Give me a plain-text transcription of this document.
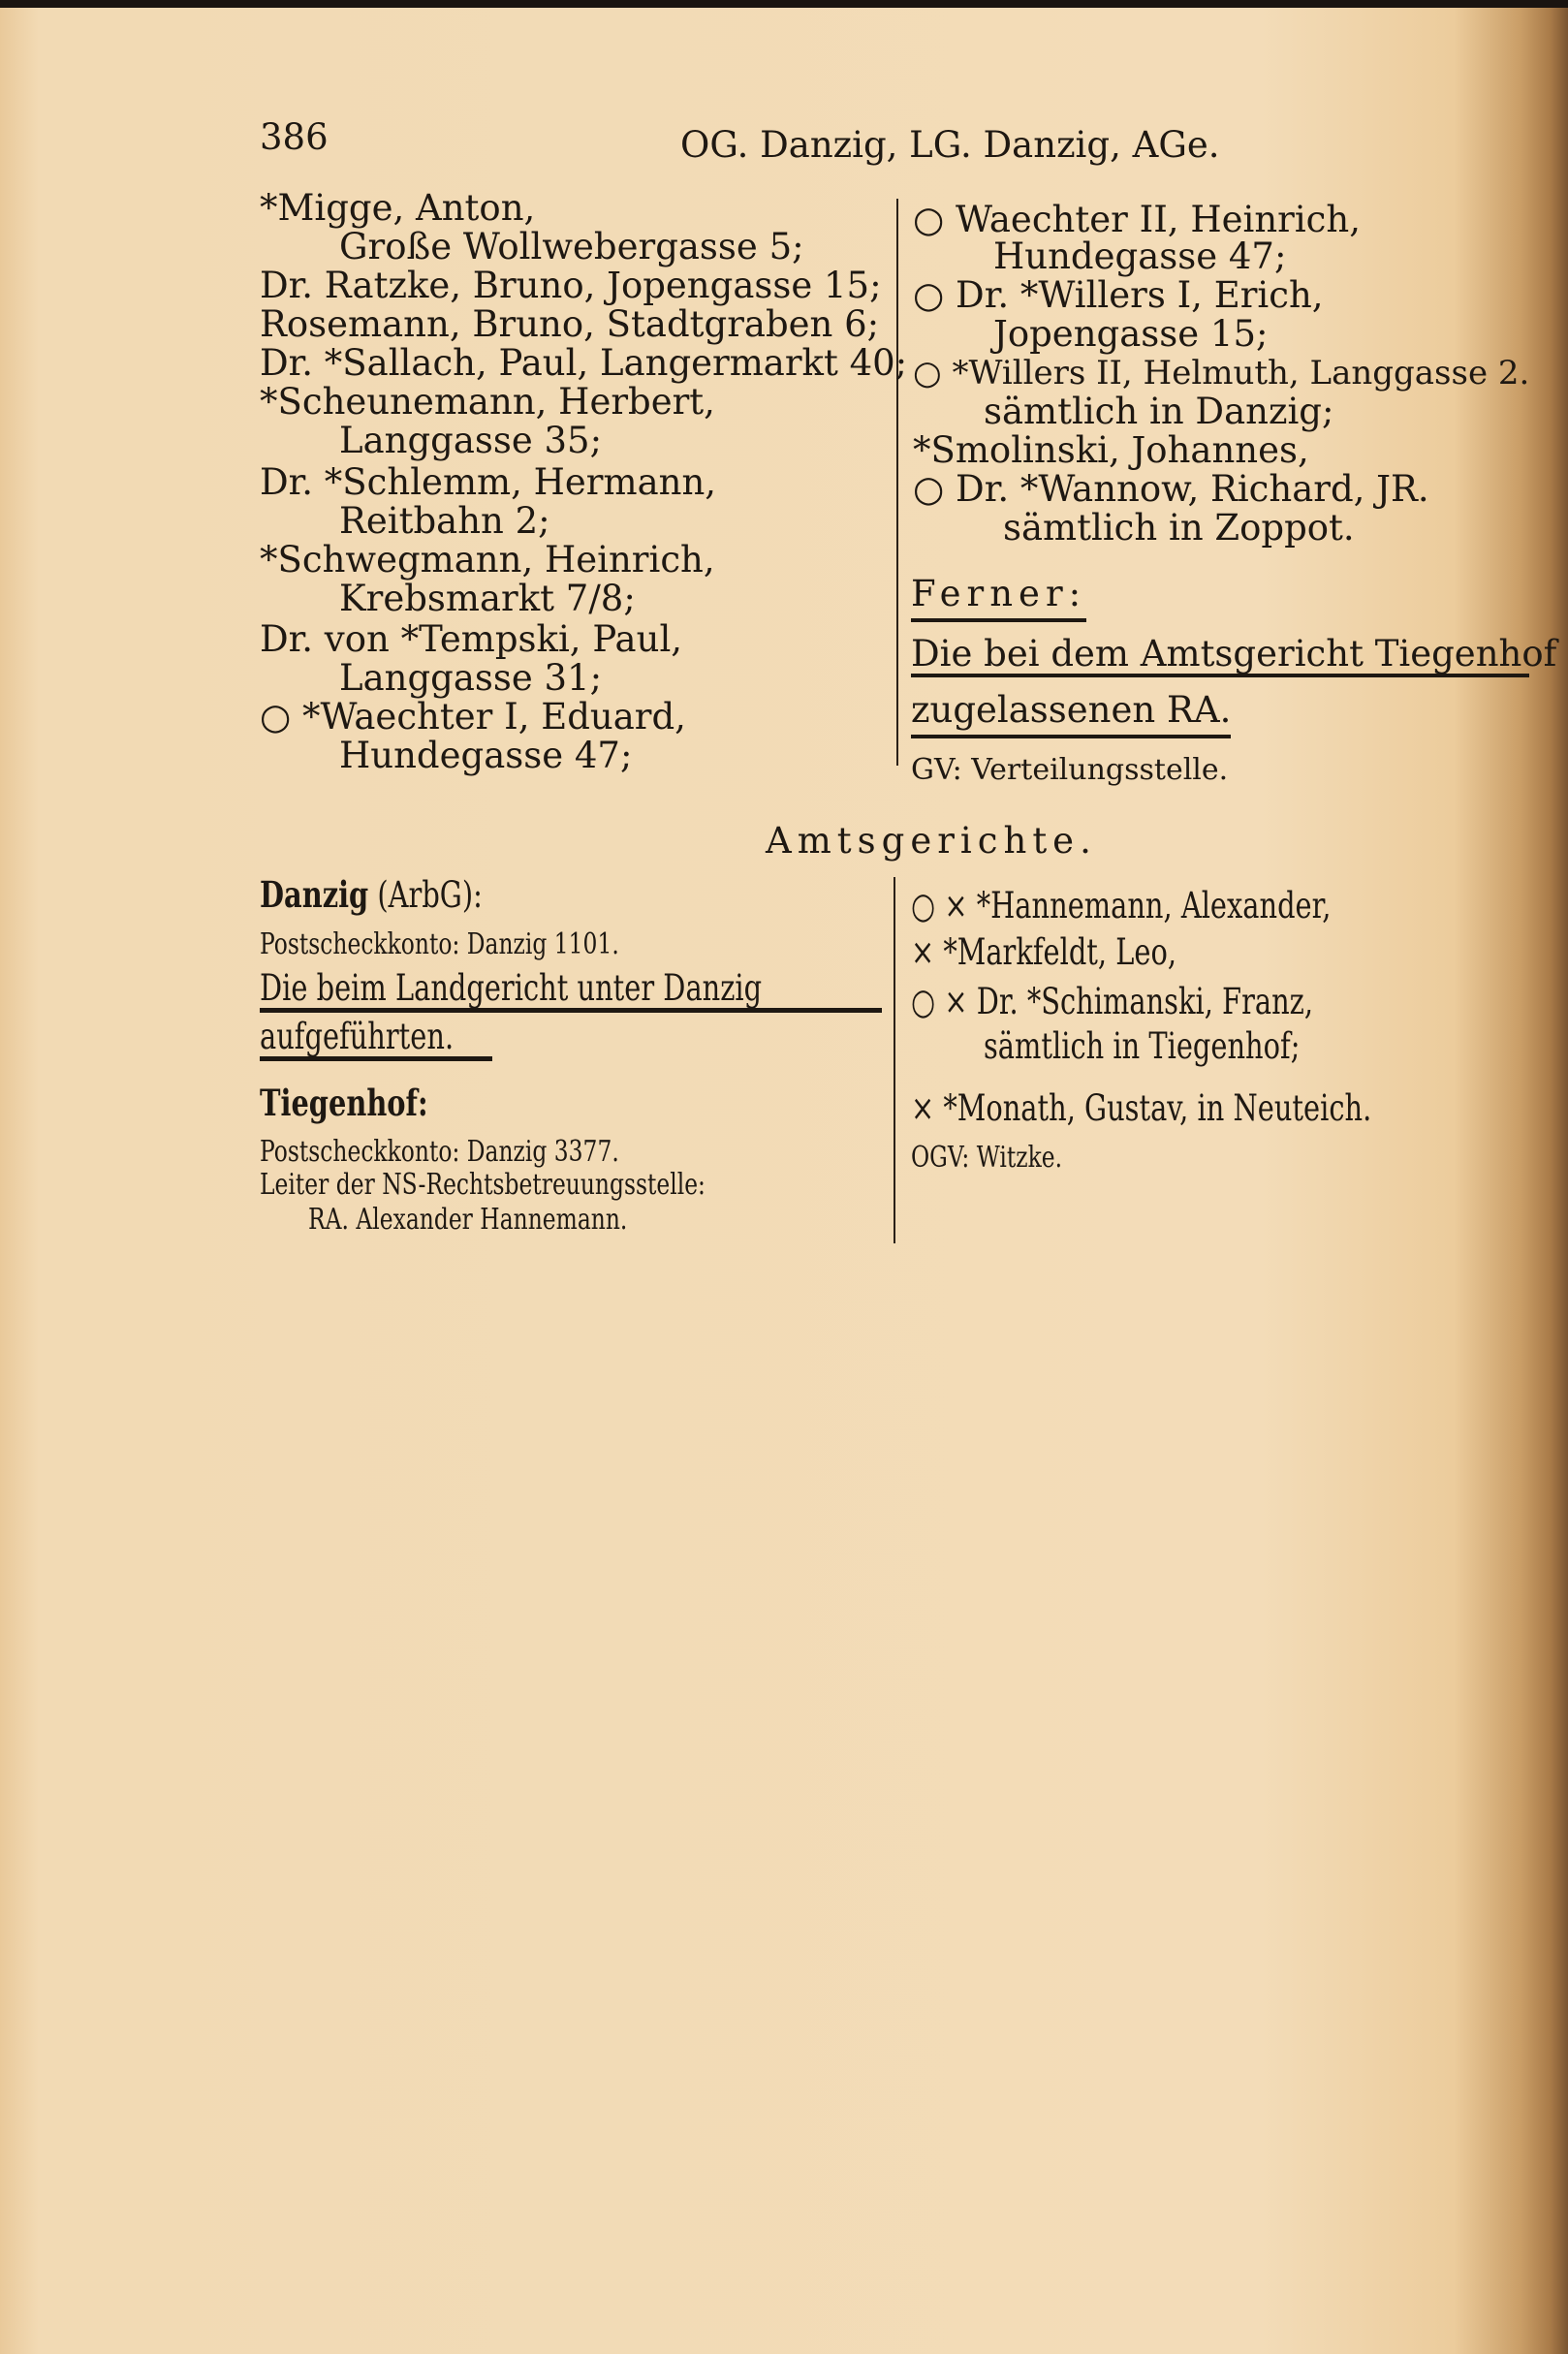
386	OG. Danzig, LG. Danzig, AGe.
*Migge, Anton,
Große Wollwebergasse 5;
Dr. Ratzke, Bruno, Jopengasse 15;
Rosemann, Bruno, Stadtgraben 6;
Dr. *Sallach, Paul, Langermarkt 40;
*Scheunemann, Herbert,
Langgasse 35;
Dr. *Schlemm, Hermann,
Reitbahn 2;
*Schwegmann, Heinrich,
Krebsmarkt 7/8;
Dr. von *Tempski, Paul,
Langgasse 31;
○ *Waechter I, Eduard,
Hundegasse 47;
○ Waechter II, Heinrich,
Hundegasse 47;
○ Dr. *Willers I, Erich,
Jopengasse 15;
○ *Willers II, Helmuth, Langgasse 2.
sämtlich in Danzig;
*Smolinski, Johannes,
○ Dr. *Wannow, Richard, JR.
sämtlich in Zoppot.
Ferner:
Die bei dem Amtsgericht Tiegenhof
zugelassenen RA.
GV: Verteilungsstelle.
Amtsgerichte.
Danzig (ArbG):
Postscheckkonto: Danzig 1101.
Die beim Landgericht unter Danzig
aufgeführten.
Tiegenhof:
Postscheckkonto: Danzig 3377.
Leiter der NS-Rechtsbetreuungsstelle:
RA. Alexander Hannemann.
○ × *Hannemann, Alexander,
× *Markfeldt, Leo,
○ × Dr. *Schimanski, Franz,
sämtlich in Tiegenhof;
× *Monath, Gustav, in Neuteich.
OGV: Witzke.
